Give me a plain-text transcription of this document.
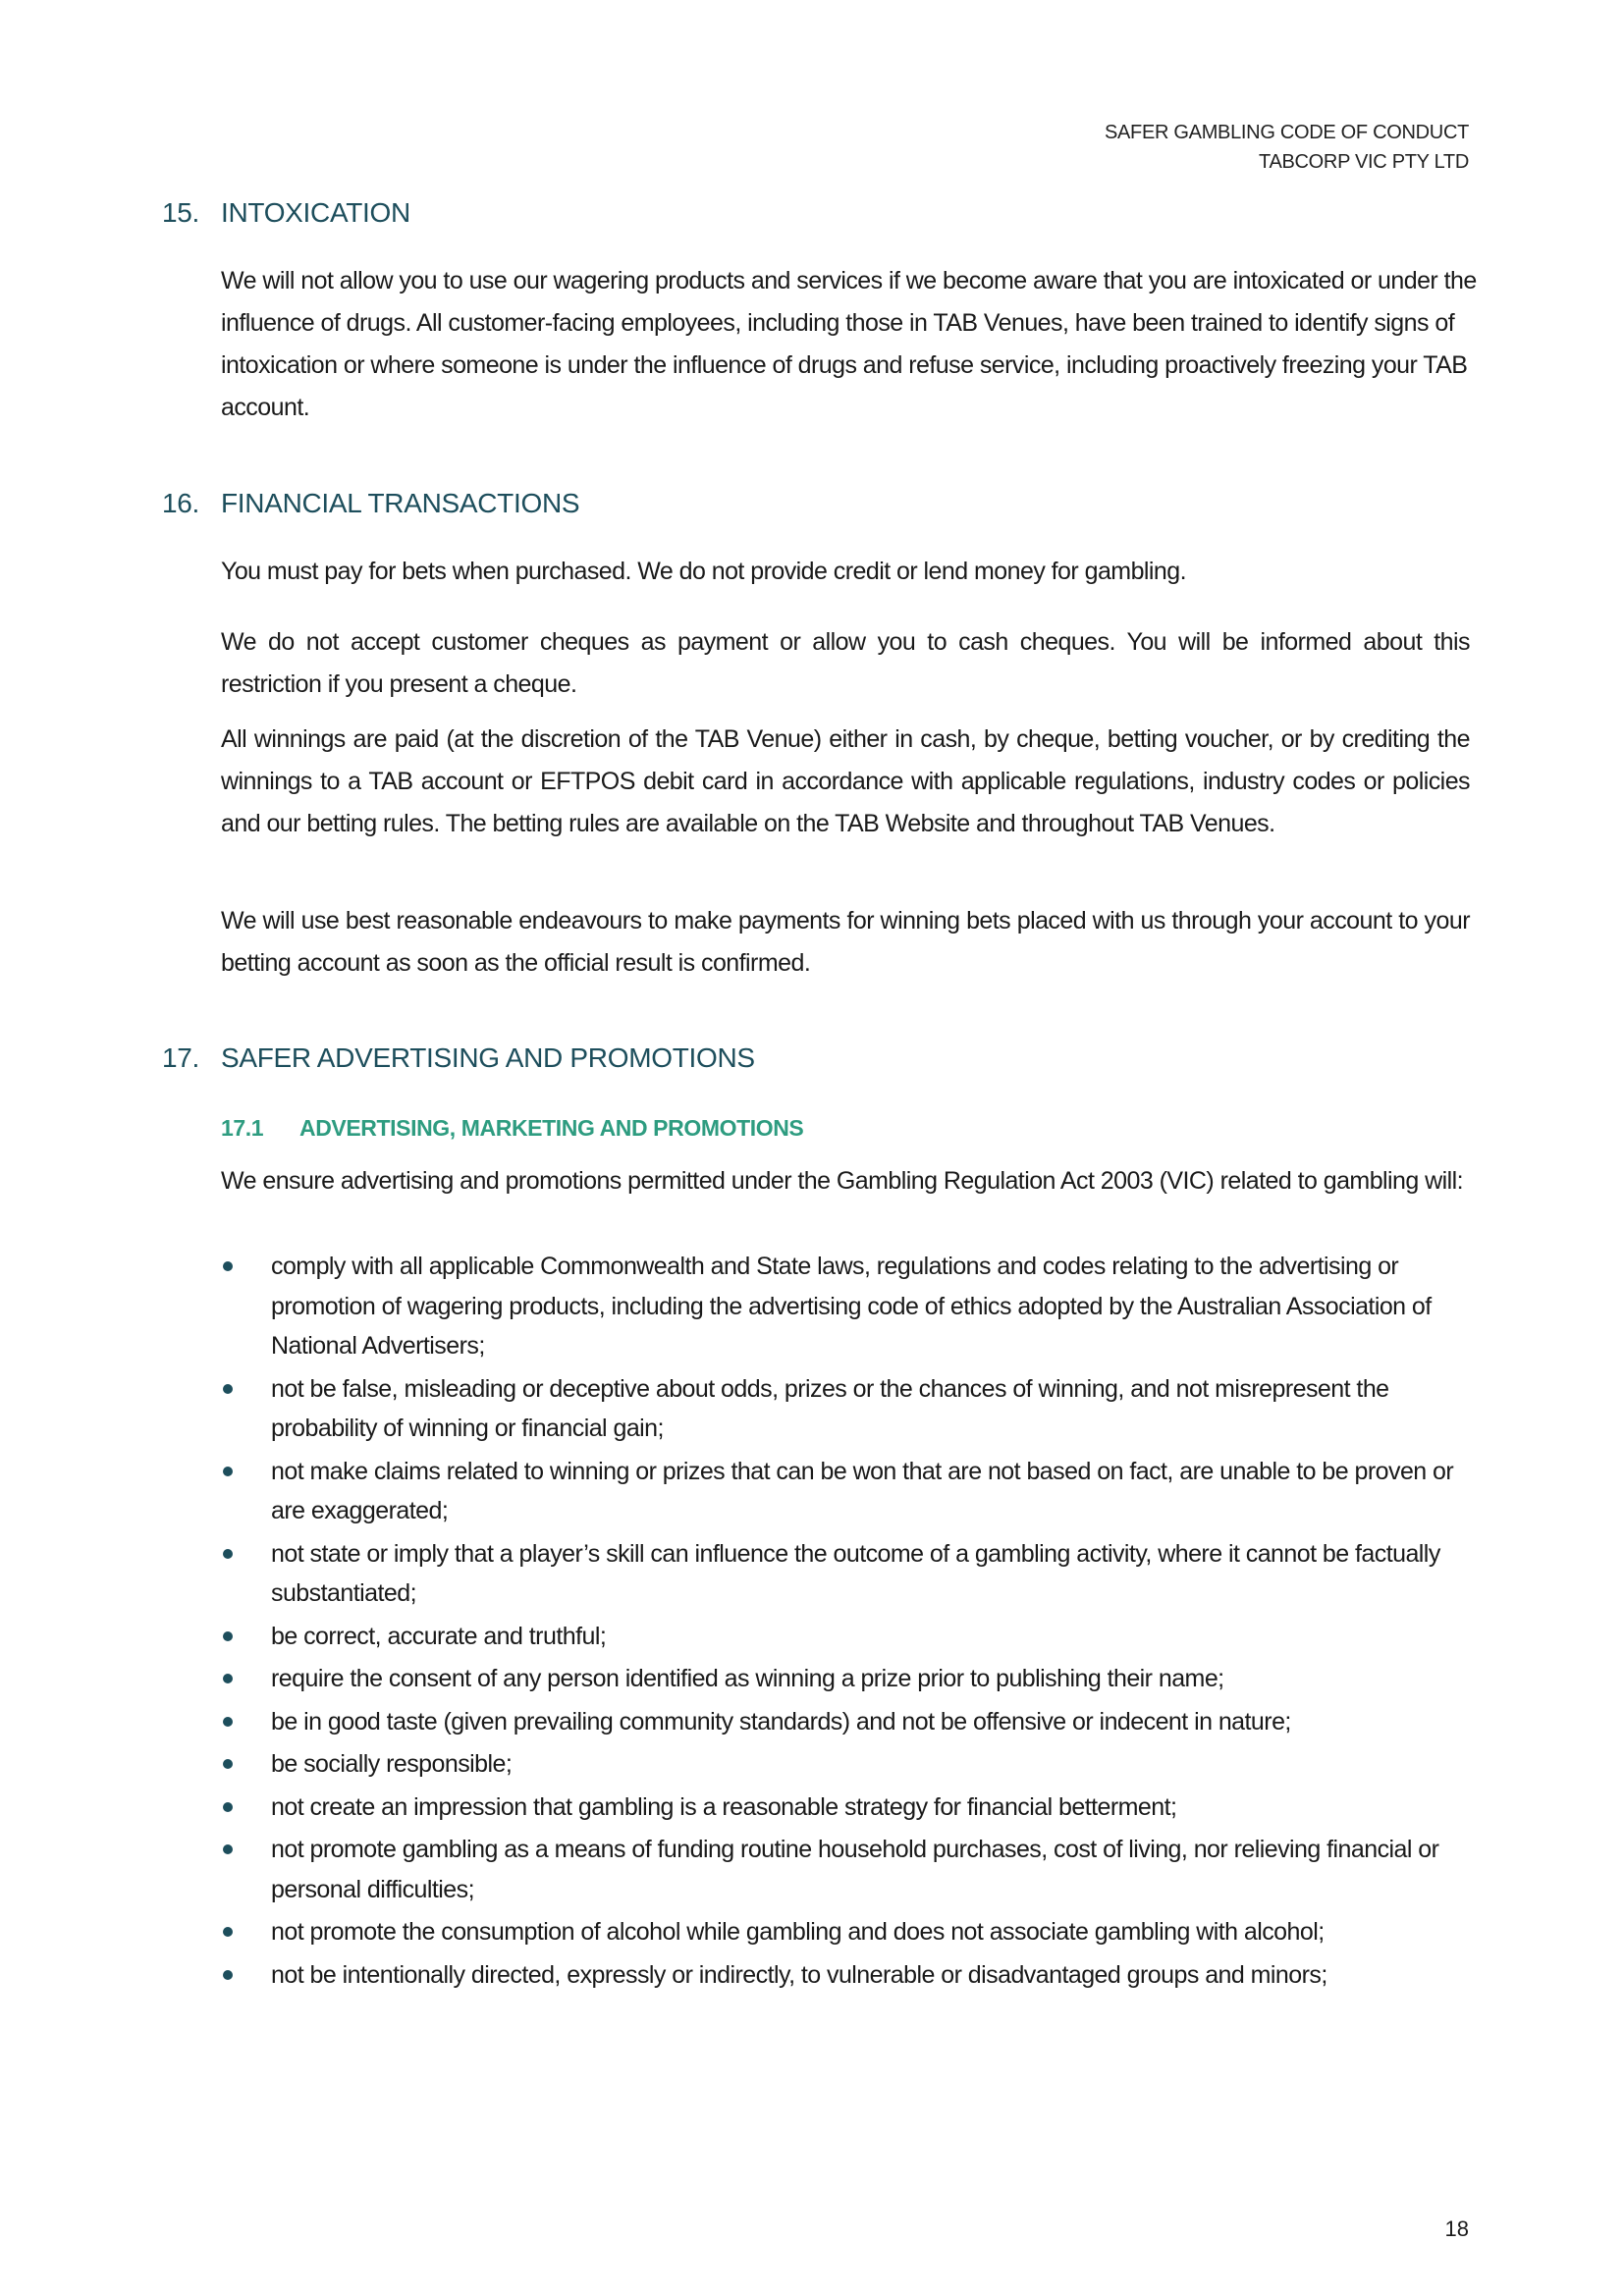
SAFER GAMBLING CODE OF CONDUCT
TABCORP VIC PTY LTD
15. INTOXICATION
We will not allow you to use our wagering products and services if we become aware that you are intoxicated or under the influence of drugs. All customer-facing employees, including those in TAB Venues, have been trained to identify signs of intoxication or where someone is under the influence of drugs and refuse service, including proactively freezing your TAB account.
16. FINANCIAL TRANSACTIONS
You must pay for bets when purchased. We do not provide credit or lend money for gambling.
We do not accept customer cheques as payment or allow you to cash cheques. You will be informed about this restriction if you present a cheque.
All winnings are paid (at the discretion of the TAB Venue) either in cash, by cheque, betting voucher, or by crediting the winnings to a TAB account or EFTPOS debit card in accordance with applicable regulations, industry codes or policies and our betting rules. The betting rules are available on the TAB Website and throughout TAB Venues.
We will use best reasonable endeavours to make payments for winning bets placed with us through your account to your betting account as soon as the official result is confirmed.
17. SAFER ADVERTISING AND PROMOTIONS
17.1 ADVERTISING, MARKETING AND PROMOTIONS
We ensure advertising and promotions permitted under the Gambling Regulation Act 2003 (VIC) related to gambling will:
comply with all applicable Commonwealth and State laws, regulations and codes relating to the advertising or promotion of wagering products, including the advertising code of ethics adopted by the Australian Association of National Advertisers;
not be false, misleading or deceptive about odds, prizes or the chances of winning, and not misrepresent the probability of winning or financial gain;
not make claims related to winning or prizes that can be won that are not based on fact, are unable to be proven or are exaggerated;
not state or imply that a player’s skill can influence the outcome of a gambling activity, where it cannot be factually substantiated;
be correct, accurate and truthful;
require the consent of any person identified as winning a prize prior to publishing their name;
be in good taste (given prevailing community standards) and not be offensive or indecent in nature;
be socially responsible;
not create an impression that gambling is a reasonable strategy for financial betterment;
not promote gambling as a means of funding routine household purchases, cost of living, nor relieving financial or personal difficulties;
not promote the consumption of alcohol while gambling and does not associate gambling with alcohol;
not be intentionally directed, expressly or indirectly, to vulnerable or disadvantaged groups and minors;
18
